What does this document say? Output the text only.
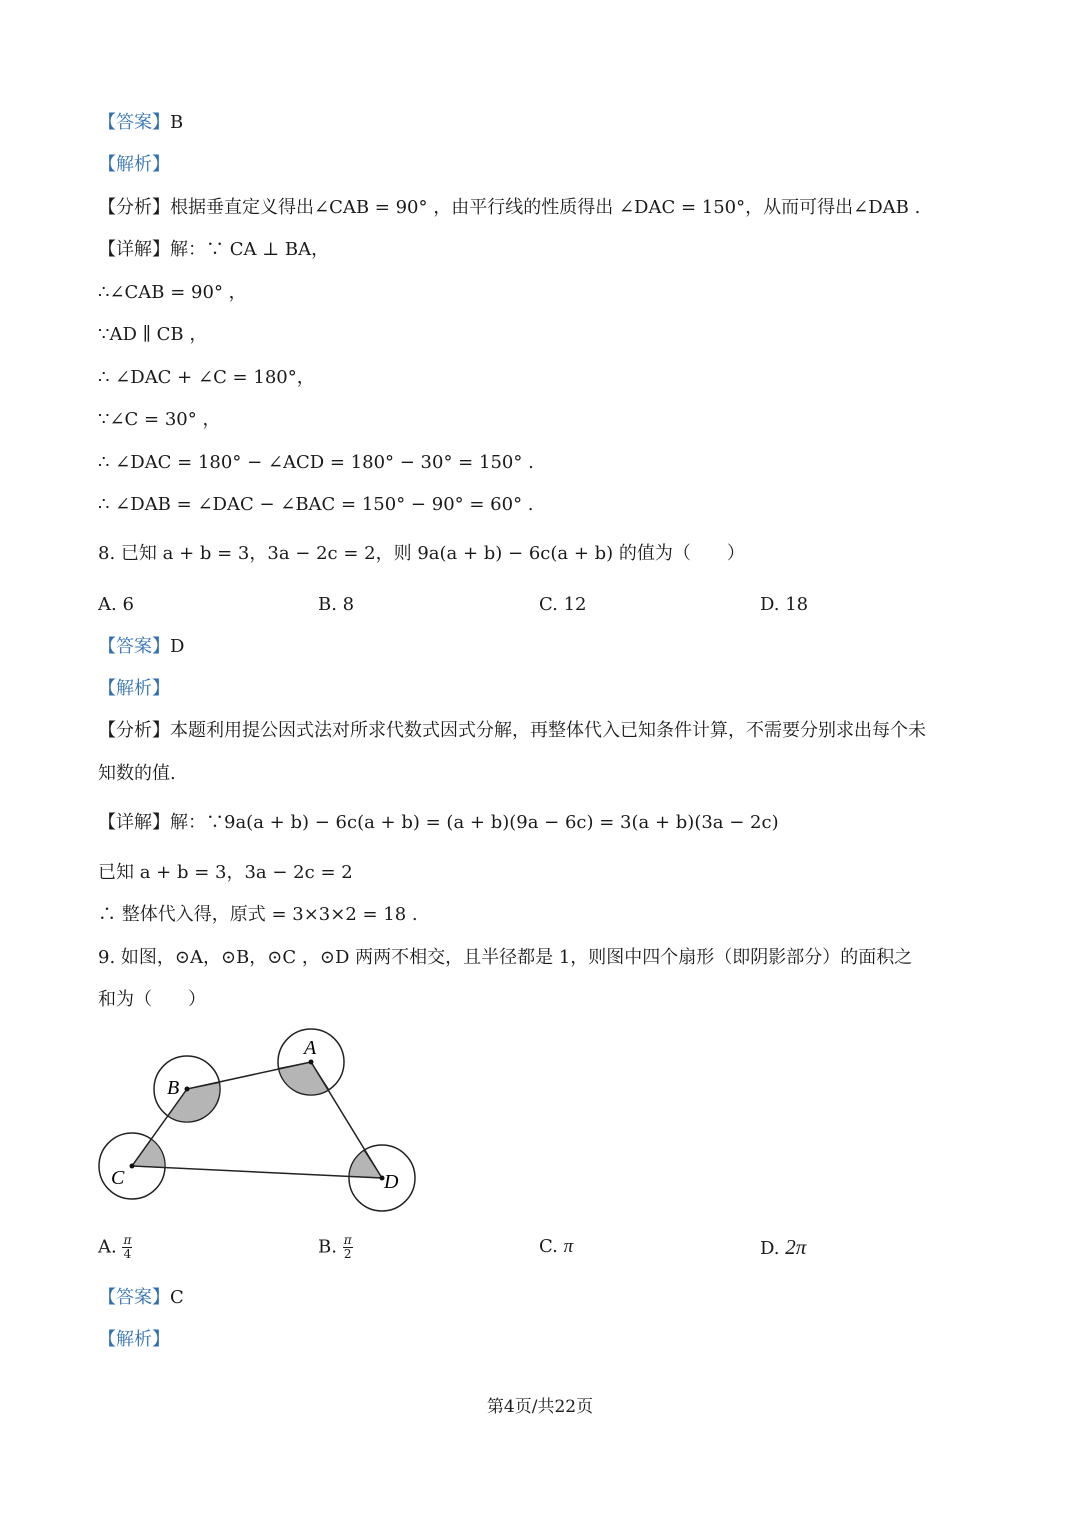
【答案】B
【解析】
【分析】根据垂直定义得出∠CAB = 90° ，由平行线的性质得出 ∠DAC = 150°，从而可得出∠DAB .
【详解】解：∵ CA ⊥ BA，
∴∠CAB = 90° ，
∵AD ∥ CB ，
∴ ∠DAC + ∠C = 180°，
∵∠C = 30° ，
∴ ∠DAC = 180° − ∠ACD = 180° − 30° = 150° .
∴ ∠DAB = ∠DAC − ∠BAC = 150° − 90° = 60° .
8. 已知 a + b = 3，3a − 2c = 2，则 9a(a + b) − 6c(a + b) 的值为（　　）
A. 6	B. 8	C. 12	D. 18
【答案】D
【解析】
【分析】本题利用提公因式法对所求代数式因式分解，再整体代入已知条件计算，不需要分别求出每个未
知数的值.
【详解】解：∵9a(a + b) − 6c(a + b) = (a + b)(9a − 6c) = 3(a + b)(3a − 2c)
已知 a + b = 3，3a − 2c = 2
∴ 整体代入得，原式 = 3×3×2 = 18 .
9. 如图，⊙A，⊙B，⊙C ，⊙D 两两不相交，且半径都是 1，则图中四个扇形（即阴影部分）的面积之
和为（　　）
A
B
C	D
A. $\frac{\pi}{4}$	B. $\frac{\pi}{2}$	C. π	D. 2π
【答案】C
【解析】
第4页/共22页
